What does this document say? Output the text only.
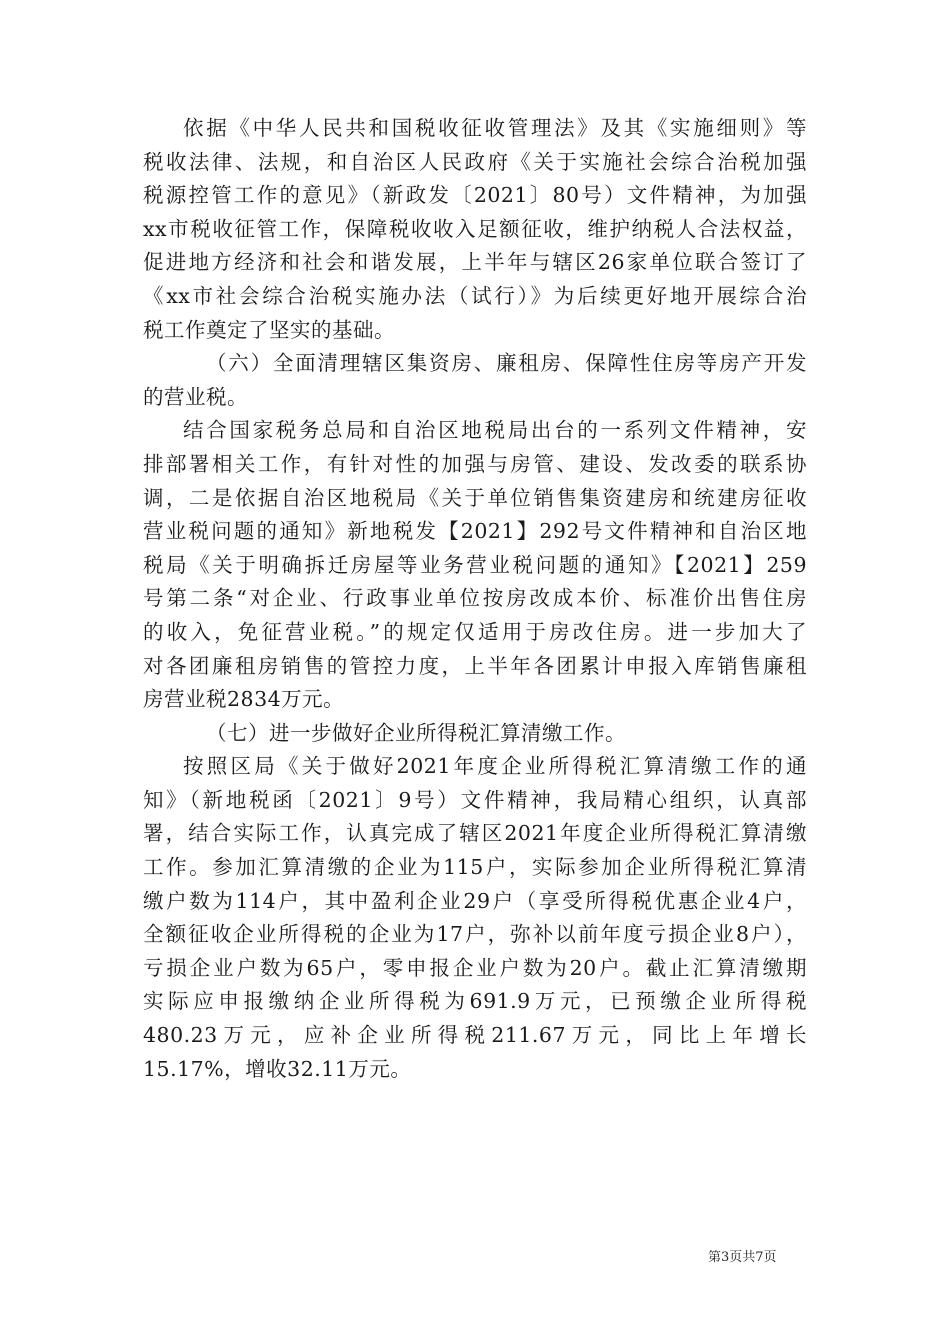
依据《中华人民共和国税收征收管理法》及其《实施细则》等
税收法律、法规，和自治区人民政府《关于实施社会综合治税加强
税源控管工作的意见》（新政发〔2021〕80号）文件精神，为加强
xx市税收征管工作，保障税收收入足额征收，维护纳税人合法权益，
促进地方经济和社会和谐发展，上半年与辖区26家单位联合签订了
《xx市社会综合治税实施办法（试行）》为后续更好地开展综合治
税工作奠定了坚实的基础。
（六）全面清理辖区集资房、廉租房、保障性住房等房产开发
的营业税。
结合国家税务总局和自治区地税局出台的一系列文件精神，安
排部署相关工作，有针对性的加强与房管、建设、发改委的联系协
调，二是依据自治区地税局《关于单位销售集资建房和统建房征收
营业税问题的通知》新地税发【2021】292号文件精神和自治区地
税局《关于明确拆迁房屋等业务营业税问题的通知》【2021】259
号第二条“对企业、行政事业单位按房改成本价、标准价出售住房
的收入，免征营业税。”的规定仅适用于房改住房。进一步加大了
对各团廉租房销售的管控力度，上半年各团累计申报入库销售廉租
房营业税2834万元。
（七）进一步做好企业所得税汇算清缴工作。
按照区局《关于做好2021年度企业所得税汇算清缴工作的通
知》（新地税函〔2021〕9号）文件精神，我局精心组织，认真部
署，结合实际工作，认真完成了辖区2021年度企业所得税汇算清缴
工作。参加汇算清缴的企业为115户，实际参加企业所得税汇算清
缴户数为114户，其中盈利企业29户（享受所得税优惠企业4户，
全额征收企业所得税的企业为17户，弥补以前年度亏损企业8户），
亏损企业户数为65户，零申报企业户数为20户。截止汇算清缴期
实际应申报缴纳企业所得税为691.9万元，已预缴企业所得税
480.23万元，应补企业所得税211.67万元，同比上年增长
15.17%，增收32.11万元。
第3页共7页
